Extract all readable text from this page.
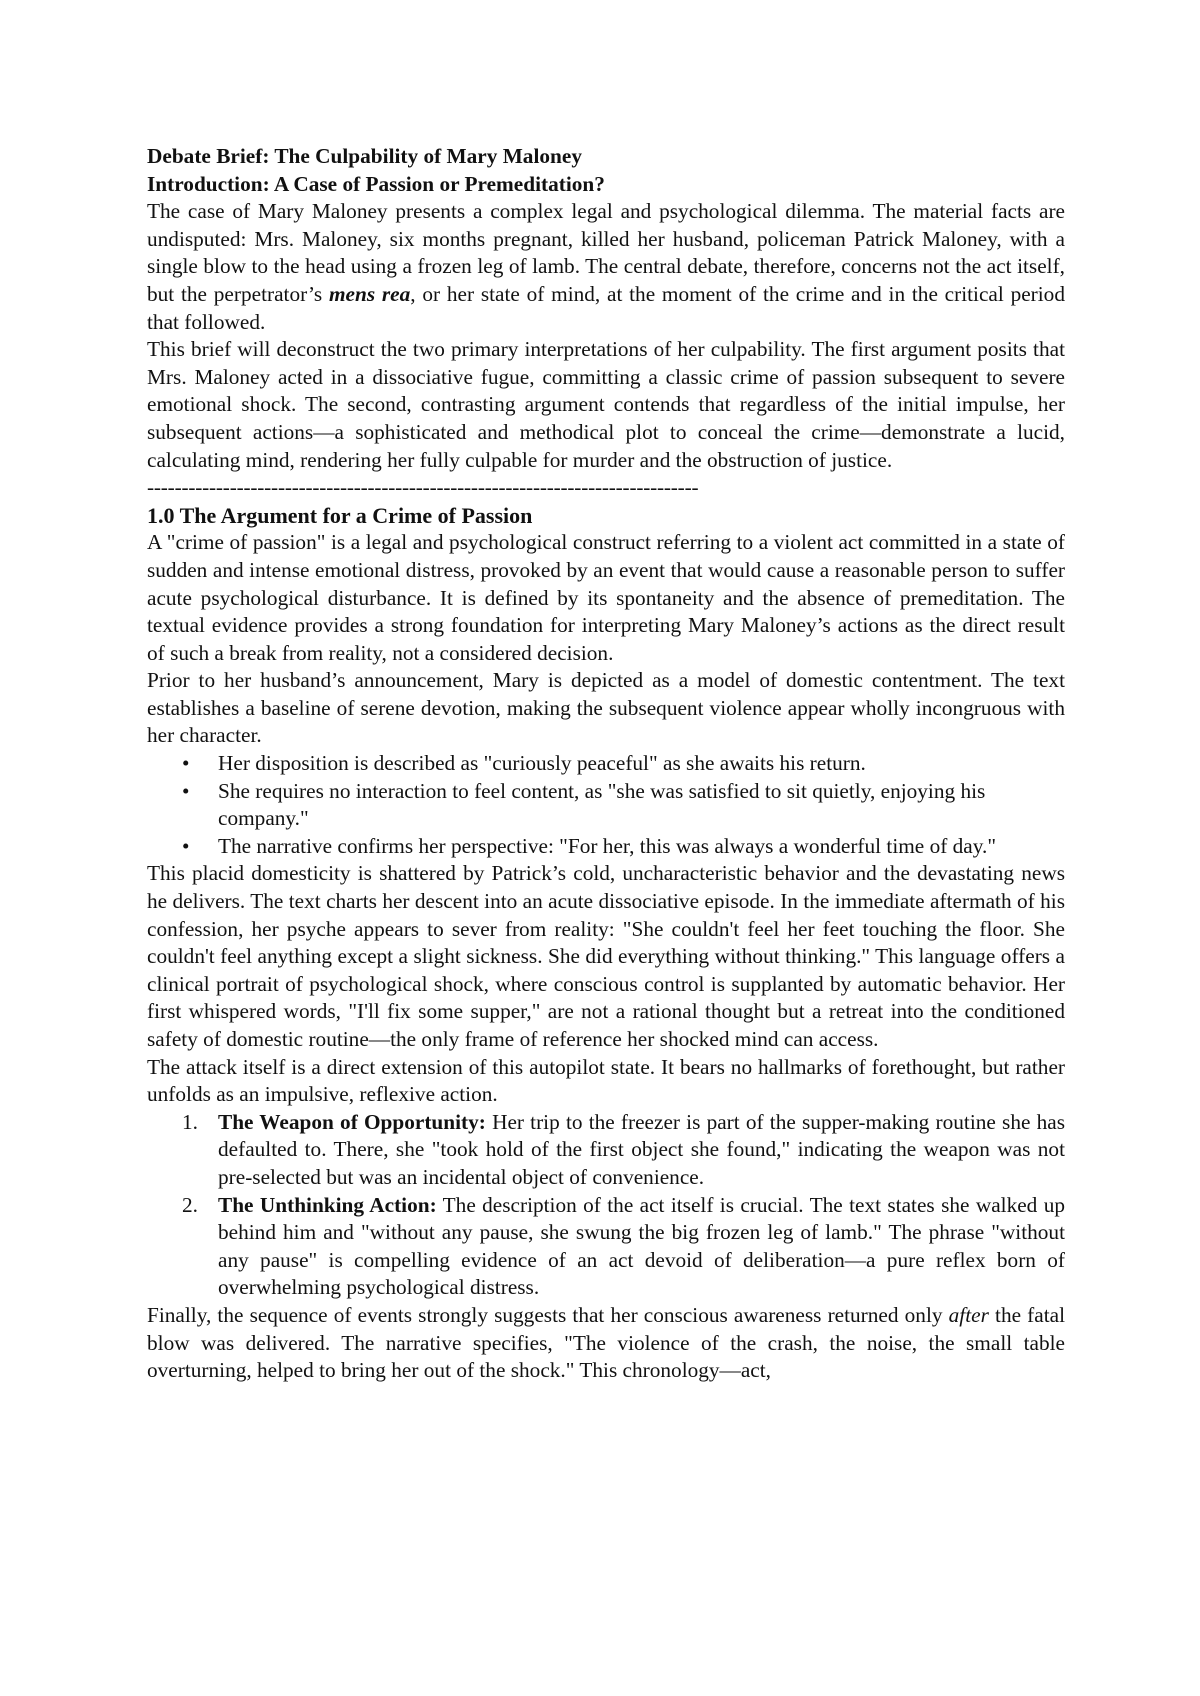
Debate Brief: The Culpability of Mary Maloney

Introduction: A Case of Passion or Premeditation?

The case of Mary Maloney presents a complex legal and psychological dilemma. The material facts are undisputed: Mrs. Maloney, six months pregnant, killed her husband, policeman Patrick Maloney, with a single blow to the head using a frozen leg of lamb. The central debate, therefore, concerns not the act itself, but the perpetrator’s mens rea, or her state of mind, at the moment of the crime and in the critical period that followed.

This brief will deconstruct the two primary interpretations of her culpability. The first argument posits that Mrs. Maloney acted in a dissociative fugue, committing a classic crime of passion subsequent to severe emotional shock. The second, contrasting argument contends that regardless of the initial impulse, her subsequent actions—a sophisticated and methodical plot to conceal the crime—demonstrate a lucid, calculating mind, rendering her fully culpable for murder and the obstruction of justice.

--------------------------------------------------------------------------------

1.0 The Argument for a Crime of Passion

A "crime of passion" is a legal and psychological construct referring to a violent act committed in a state of sudden and intense emotional distress, provoked by an event that would cause a reasonable person to suffer acute psychological disturbance. It is defined by its spontaneity and the absence of premeditation. The textual evidence provides a strong foundation for interpreting Mary Maloney’s actions as the direct result of such a break from reality, not a considered decision.

Prior to her husband’s announcement, Mary is depicted as a model of domestic contentment. The text establishes a baseline of serene devotion, making the subsequent violence appear wholly incongruous with her character.

• Her disposition is described as "curiously peaceful" as she awaits his return.
• She requires no interaction to feel content, as "she was satisfied to sit quietly, enjoying his company."
• The narrative confirms her perspective: "For her, this was always a wonderful time of day."

This placid domesticity is shattered by Patrick’s cold, uncharacteristic behavior and the devastating news he delivers. The text charts her descent into an acute dissociative episode. In the immediate aftermath of his confession, her psyche appears to sever from reality: "She couldn't feel her feet touching the floor. She couldn't feel anything except a slight sickness. She did everything without thinking." This language offers a clinical portrait of psychological shock, where conscious control is supplanted by automatic behavior. Her first whispered words, "I'll fix some supper," are not a rational thought but a retreat into the conditioned safety of domestic routine—the only frame of reference her shocked mind can access.

The attack itself is a direct extension of this autopilot state. It bears no hallmarks of forethought, but rather unfolds as an impulsive, reflexive action.

1. The Weapon of Opportunity: Her trip to the freezer is part of the supper-making routine she has defaulted to. There, she "took hold of the first object she found," indicating the weapon was not pre-selected but was an incidental object of convenience.
2. The Unthinking Action: The description of the act itself is crucial. The text states she walked up behind him and "without any pause, she swung the big frozen leg of lamb." The phrase "without any pause" is compelling evidence of an act devoid of deliberation—a pure reflex born of overwhelming psychological distress.

Finally, the sequence of events strongly suggests that her conscious awareness returned only after the fatal blow was delivered. The narrative specifies, "The violence of the crash, the noise, the small table overturning, helped to bring her out of the shock." This chronology—act,
